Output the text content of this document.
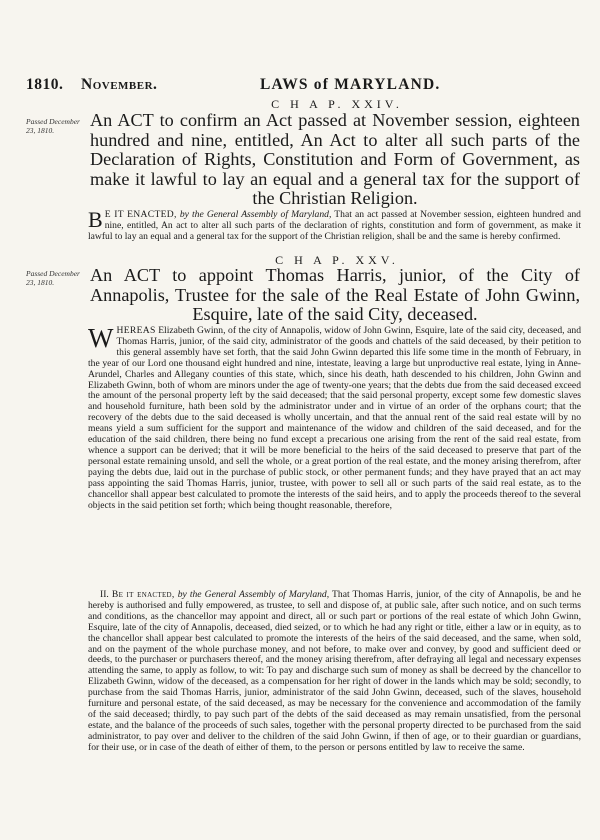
1810. November.	LAWS of MARYLAND.
C H A P. XXIV.
Passed December 23, 1810.
An ACT to confirm an Act passed at November session, eighteen hundred and nine, entitled, An Act to alter all such parts of the Declaration of Rights, Constitution and Form of Government, as make it lawful to lay an equal and a general tax for the support of the Christian Religion.
B E IT ENACTED, by the General Assembly of Maryland, That an act passed at November session, eighteen hundred and nine, entitled, An act to alter all such parts of the declaration of rights, constitution and form of government, as make it lawful to lay an equal and a general tax for the support of the Christian religion, shall be and the same is hereby confirmed.
C H A P. XXV.
Passed December 23, 1810.	An ACT to appoint Thomas Harris, junior, of the City of Annapolis, Trustee for the sale of the Real Estate of John Gwinn, Esquire, late of the said City, deceased.
W HEREAS Elizabeth Gwinn, of the city of Annapolis, widow of John Gwinn, Esquire, late of the said city, deceased, and Thomas Harris, junior, of the said city, administrator of the goods and chattels of the said deceased, by their petition to this general assembly have set forth, that the said John Gwinn departed this life some time in the month of February, in the year of our Lord one thousand eight hundred and nine, intestate, leaving a large but unproductive real estate, lying in Anne-Arundel, Charles and Allegany counties of this state, which, since his death, hath descended to his children, John Gwinn and Elizabeth Gwinn, both of whom are minors under the age of twenty-one years; that the debts due from the said deceased exceed the amount of the personal property left by the said deceased; that the said personal property, except some few domestic slaves and household furniture, hath been sold by the administrator under and in virtue of an order of the orphans court; that the recovery of the debts due to the said deceased is wholly uncertain, and that the annual rent of the said real estate will by no means yield a sum sufficient for the support and maintenance of the widow and children of the said deceased, and for the education of the said children, there being no fund except a precarious one arising from the rent of the said real estate, from whence a support can be derived; that it will be more beneficial to the heirs of the said deceased to preserve that part of the personal estate remaining unsold, and sell the whole, or a great portion of the real estate, and the money arising therefrom, after paying the debts due, laid out in the purchase of public stock, or other permanent funds; and they have prayed that an act may pass appointing the said Thomas Harris, junior, trustee, with power to sell all or such parts of the said real estate, as to the chancellor shall appear best calculated to promote the interests of the said heirs, and to apply the proceeds thereof to the several objects in the said petition set forth; which being thought reasonable, therefore,
II. Be it enacted, by the General Assembly of Maryland, That Thomas Harris, junior, of the city of Annapolis, be and he hereby is authorised and fully empowered, as trustee, to sell and dispose of, at public sale, after such notice, and on such terms and conditions, as the chancellor may appoint and direct, all or such part or portions of the real estate of which John Gwinn, Esquire, late of the city of Annapolis, deceased, died seized, or to which he had any right or title, either a law or in equity, as to the chancellor shall appear best calculated to promote the interests of the heirs of the said deceased, and the same, when sold, and on the payment of the whole purchase money, and not before, to make over and convey, by good and sufficient deed or deeds, to the purchaser or purchasers thereof, and the money arising therefrom, after defraying all legal and necessary expenses attending the same, to apply as follow, to wit: To pay and discharge such sum of money as shall be decreed by the chancellor to Elizabeth Gwinn, widow of the deceased, as a compensation for her right of dower in the lands which may be sold; secondly, to purchase from the said Thomas Harris, junior, administrator of the said John Gwinn, deceased, such of the slaves, household furniture and personal estate, of the said deceased, as may be necessary for the convenience and accommodation of the family of the said deceased; thirdly, to pay such part of the debts of the said deceased as may remain unsatisfied, from the personal estate, and the balance of the proceeds of such sales, together with the personal property directed to be purchased from the said administrator, to pay over and deliver to the children of the said John Gwinn, if then of age, or to their guardian or guardians, for their use, or in case of the death of either of them, to the person or persons entitled by law to receive the same.
